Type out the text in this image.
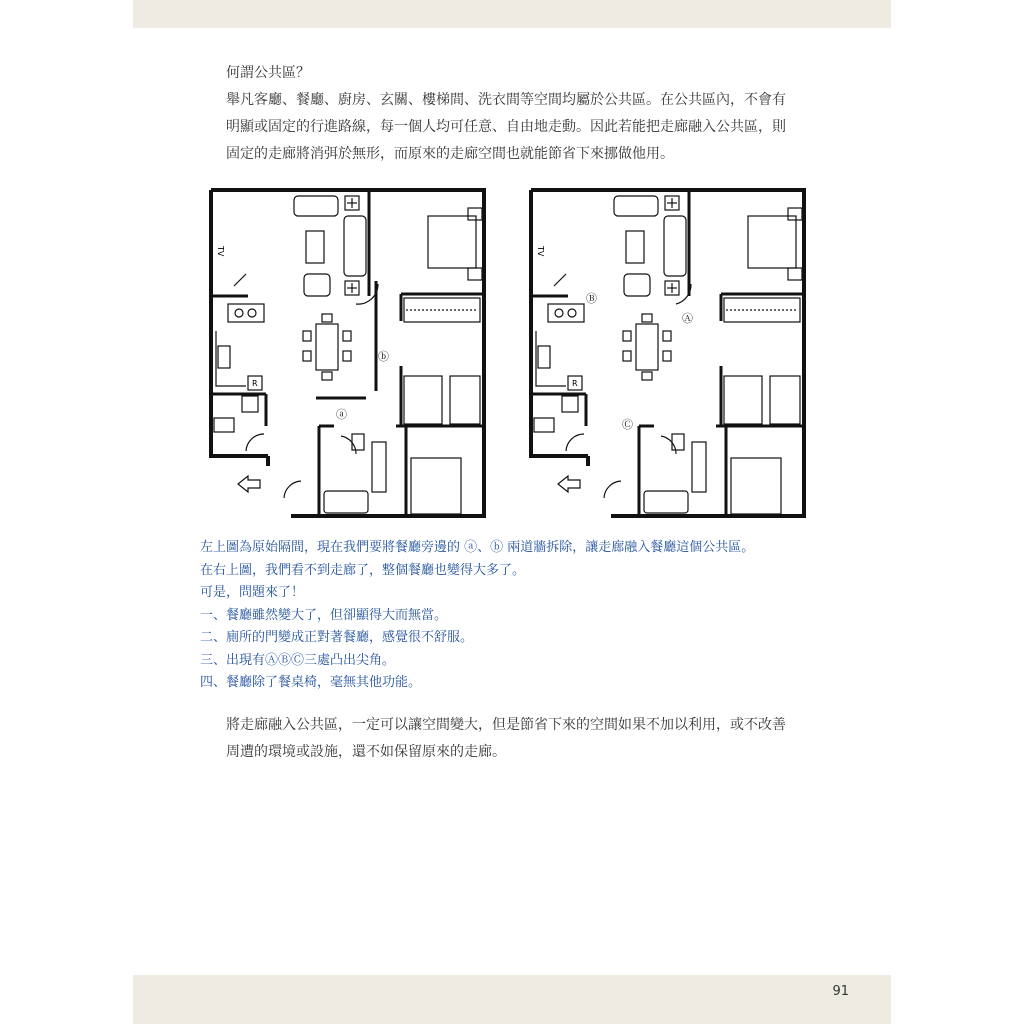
何謂公共區？

舉凡客廳、餐廳、廚房、玄關、樓梯間、洗衣間等空間均屬於公共區。在公共區內，不會有

明顯或固定的行進路線，每一個人均可任意、自由地走動。因此若能把走廊融入公共區，則

固定的走廊將消弭於無形，而原來的走廊空間也就能節省下來挪做他用。

TV
R
ⓑ
ⓐ
TV
R
Ⓐ
Ⓑ
Ⓒ

左上圖為原始隔間，現在我們要將餐廳旁邊的 ⓐ、ⓑ 兩道牆拆除，讓走廊融入餐廳這個公共區。

在右上圖，我們看不到走廊了，整個餐廳也變得大多了。

可是，問題來了！

一、餐廳雖然變大了，但卻顯得大而無當。

二、廁所的門變成正對著餐廳，感覺很不舒服。

三、出現有ⒶⒷⒸ三處凸出尖角。

四、餐廳除了餐桌椅，毫無其他功能。

將走廊融入公共區，一定可以讓空間變大，但是節省下來的空間如果不加以利用，或不改善

周遭的環境或設施，還不如保留原來的走廊。

91
